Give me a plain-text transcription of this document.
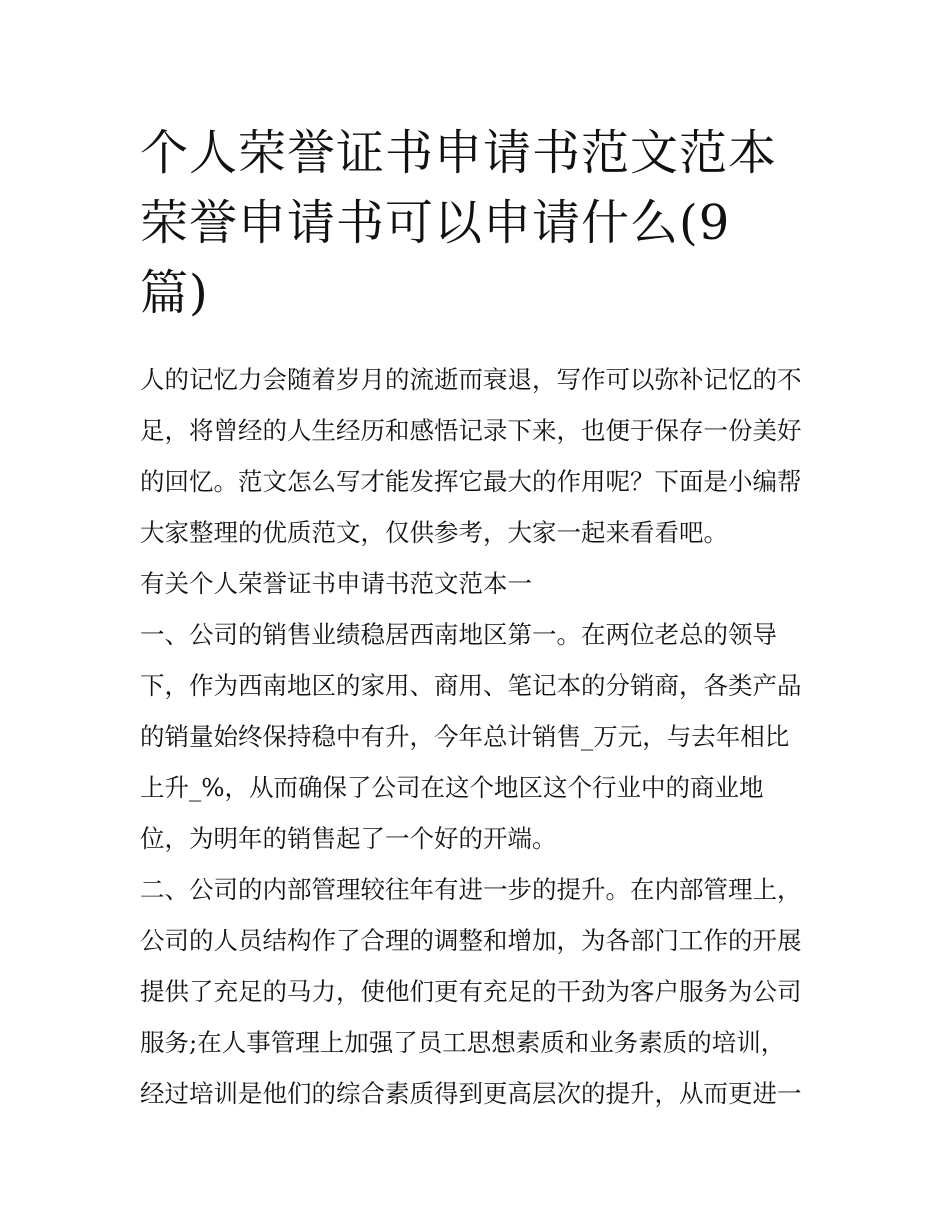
个人荣誉证书申请书范文范本
荣誉申请书可以申请什么(9
篇)
人的记忆力会随着岁月的流逝而衰退，写作可以弥补记忆的不
足，将曾经的人生经历和感悟记录下来，也便于保存一份美好
的回忆。范文怎么写才能发挥它最大的作用呢？下面是小编帮
大家整理的优质范文，仅供参考，大家一起来看看吧。
有关个人荣誉证书申请书范文范本一
一、公司的销售业绩稳居西南地区第一。在两位老总的领导
下，作为西南地区的家用、商用、笔记本的分销商，各类产品
的销量始终保持稳中有升，今年总计销售_万元，与去年相比
上升_%，从而确保了公司在这个地区这个行业中的商业地
位，为明年的销售起了一个好的开端。
二、公司的内部管理较往年有进一步的提升。在内部管理上，
公司的人员结构作了合理的调整和增加，为各部门工作的开展
提供了充足的马力，使他们更有充足的干劲为客户服务为公司
服务;在人事管理上加强了员工思想素质和业务素质的培训，
经过培训是他们的综合素质得到更高层次的提升，从而更进一
